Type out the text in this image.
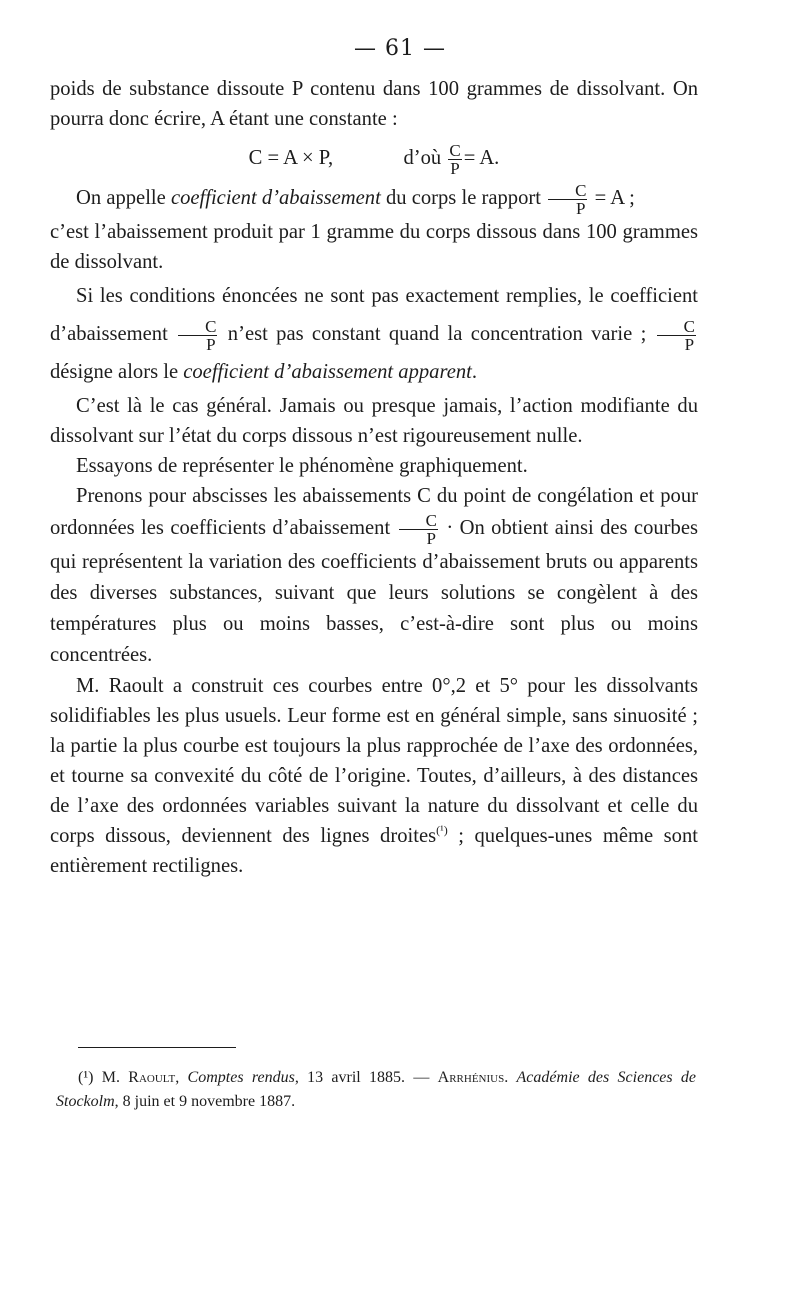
— 61 —

poids de substance dissoute P contenu dans 100 grammes de dissolvant. On pourra donc écrire, A étant une constante :

C = A × P,	d’où $\frac{C}{P} = A$.

On appelle coefficient d’abaissement du corps le rapport $\frac{C}{P} = A$ ;

c’est l’abaissement produit par 1 gramme du corps dissous dans 100 grammes de dissolvant.

Si les conditions énoncées ne sont pas exactement remplies, le coefficient d’abaissement $\frac{C}{P}$ n’est pas constant quand la concentration varie ; $\frac{C}{P}$
désigne alors le coefficient d’abaissement apparent.

C’est là le cas général. Jamais ou presque jamais, l’action modifiante du dissolvant sur l’état du corps dissous n’est rigoureusement nulle.

Essayons de représenter le phénomène graphiquement.

Prenons pour abscisses les abaissements C du point de congélation et pour ordonnées les coefficients d’abaissement $\frac{C}{P} \cdot On$ obtient ainsi des courbes qui représentent la variation des coefficients d’abaissement bruts ou apparents des diverses substances, suivant que leurs solutions se congèlent à des températures plus ou moins basses, c’est-à-dire sont plus ou moins concentrées.

M. Raoult a construit ces courbes entre 0°,2 et 5° pour les dissolvants solidifiables les plus usuels. Leur forme est en général simple, sans sinuosité ; la partie la plus courbe est toujours la plus rapprochée de l’axe des ordonnées, et tourne sa convexité du côté de l’origine. Toutes, d’ailleurs, à des distances de l’axe des ordonnées variables suivant la nature du dissolvant et celle du corps dissous, deviennent des lignes droites$^{(^1)}$ ; quelques-unes même sont entièrement rectilignes.

(¹) M. Raoult, Comptes rendus, 13 avril 1885. — Arrhénius. Académie des Sciences de Stockolm, 8 juin et 9 novembre 1887.
